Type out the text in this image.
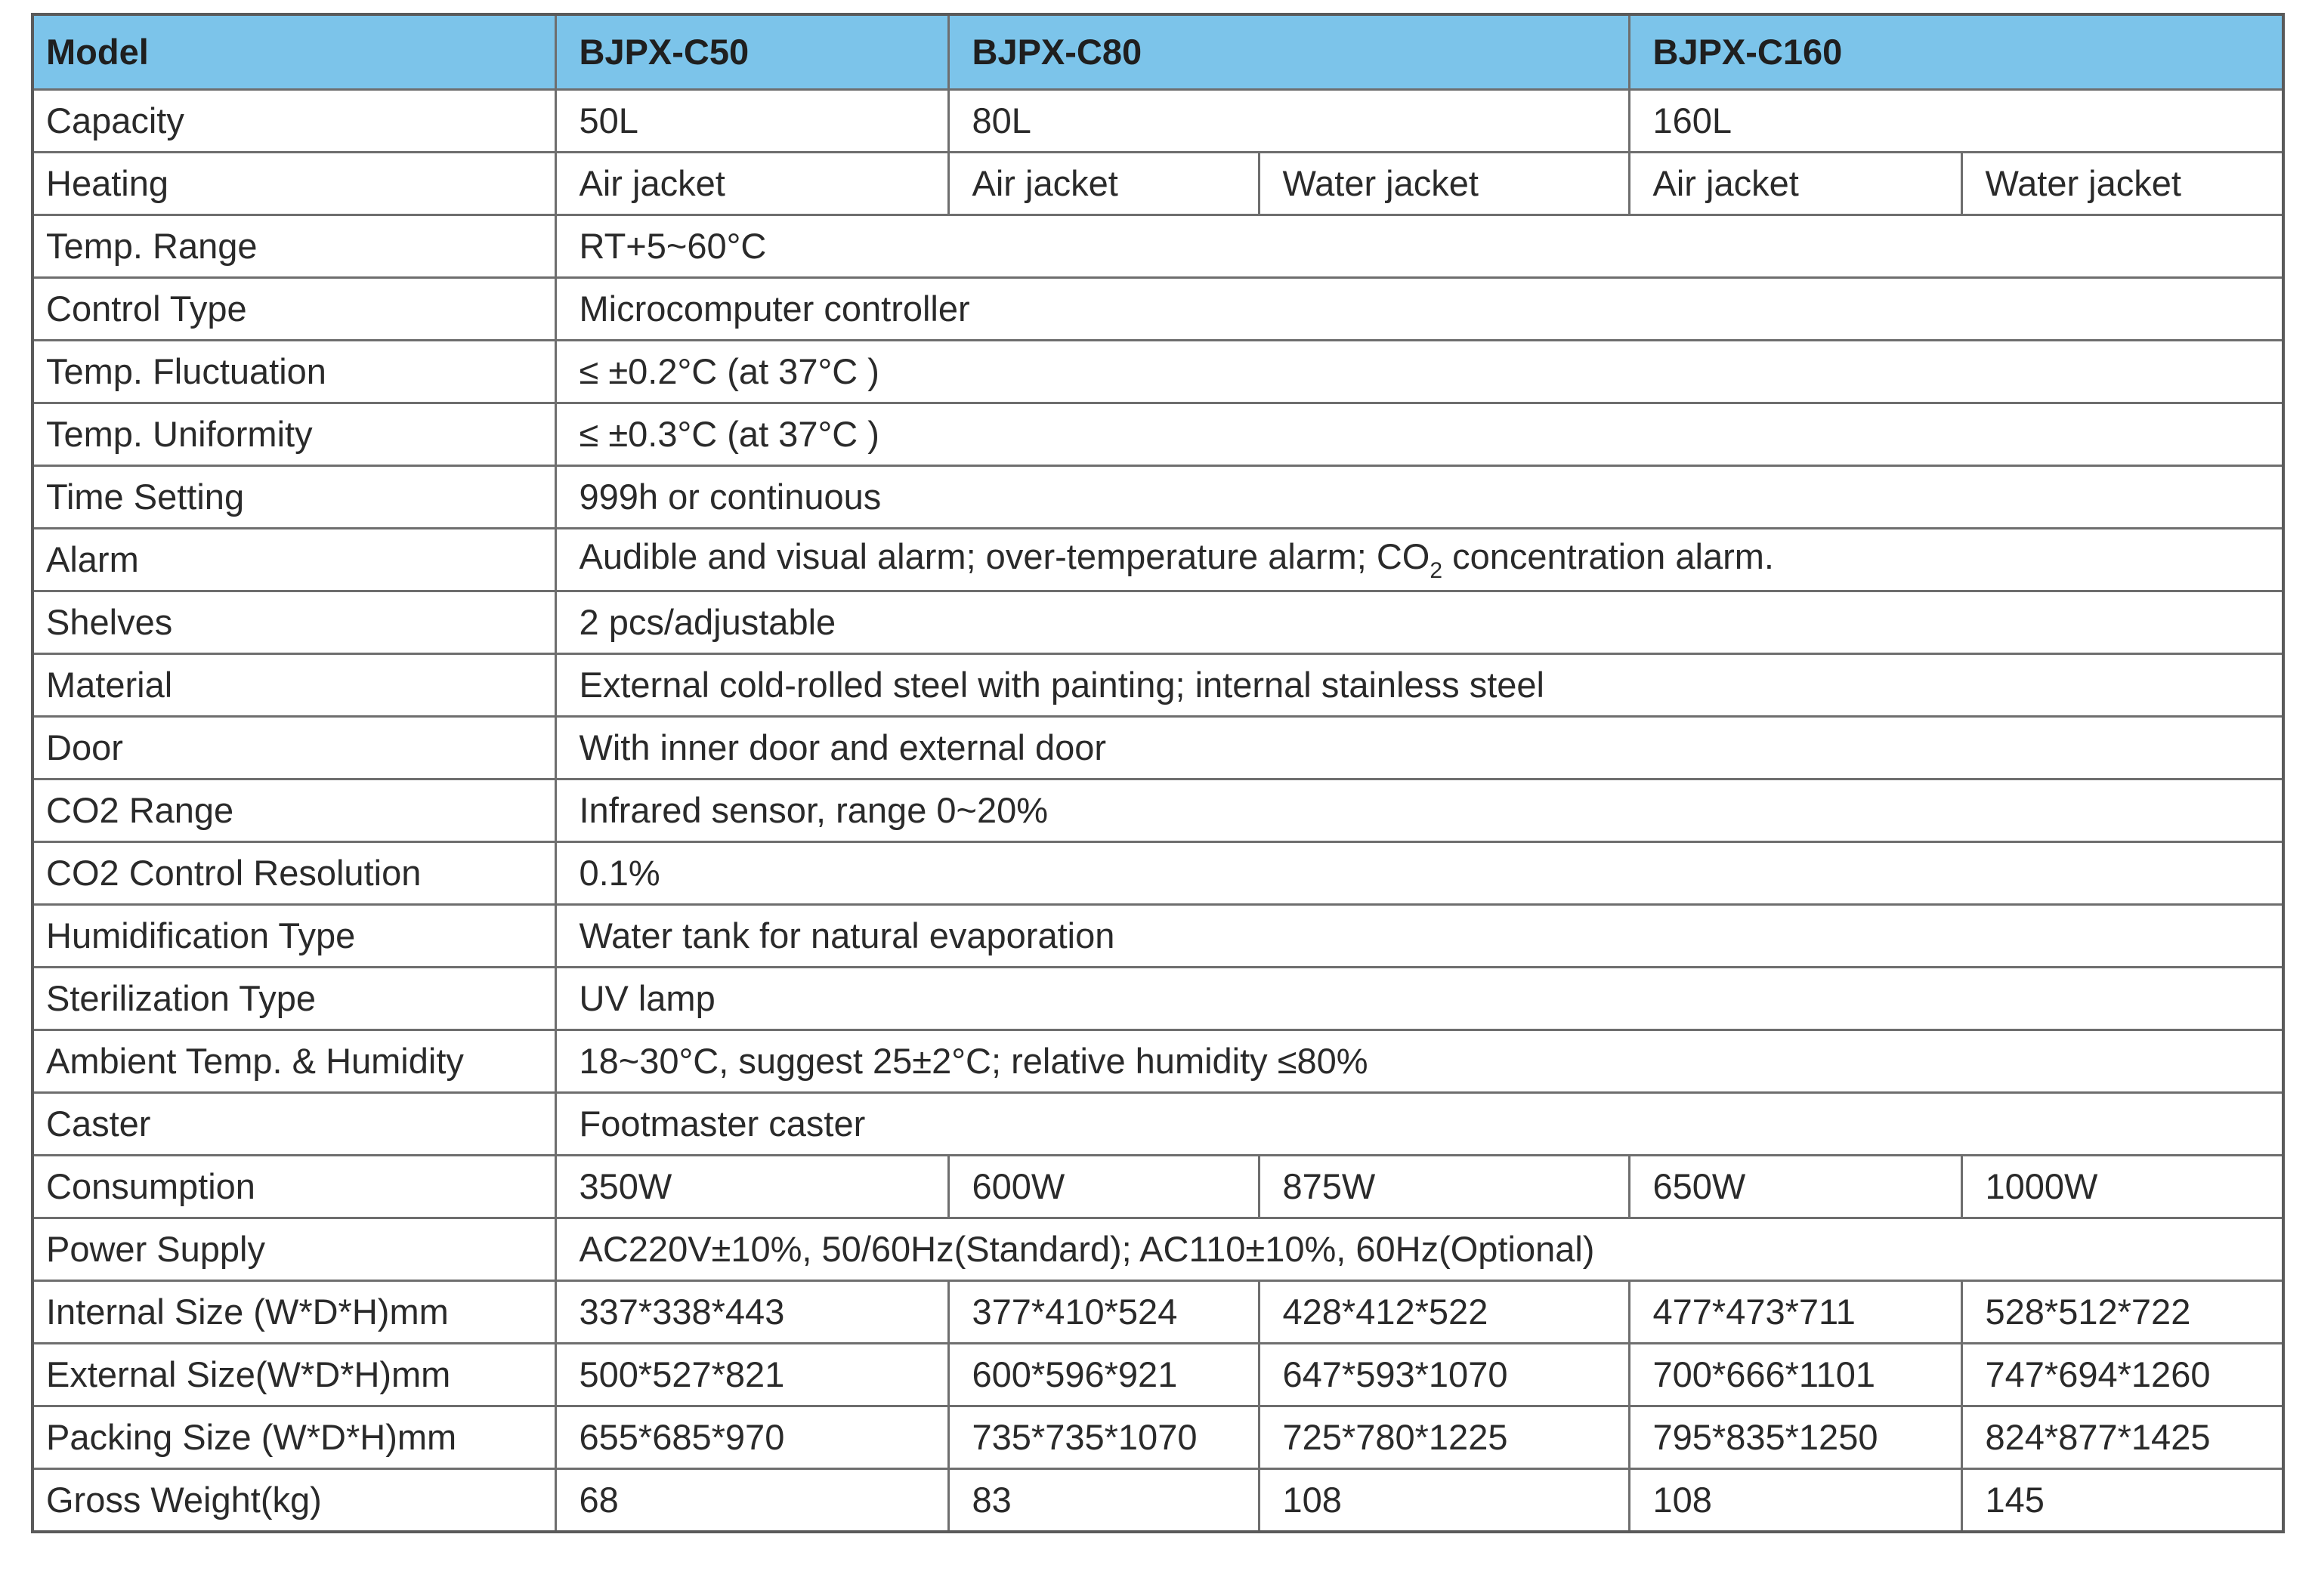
Model	BJPX-C50	BJPX-C80		BJPX-C160	
Capacity	50L	80L		160L	
Heating	Air jacket	Air jacket	Water jacket	Air jacket	Water jacket
Temp. Range	RT+5~60°C				
Control Type	Microcomputer controller				
Temp. Fluctuation	≤ ±0.2°C (at 37°C )				
Temp. Uniformity	≤ ±0.3°C (at 37°C )				
Time Setting	999h or continuous				
Alarm	Audible and visual alarm; over-temperature alarm; $CO_2$ concentration alarm.				
Shelves	2 pcs/adjustable				
Material	External cold-rolled steel with painting; internal stainless steel				
Door	With inner door and external door				
CO2 Range	Infrared sensor, range 0~20%				
CO2 Control Resolution	0.1%				
Humidification Type	Water tank for natural evaporation				
Sterilization Type	UV lamp				
Ambient Temp. & Humidity	18~30°C, suggest 25±2°C; relative humidity ≤80%				
Caster	Footmaster caster				
Consumption	350W	600W	875W	650W	1000W
Power Supply	AC220V±10%, 50/60Hz(Standard); AC110±10%, 60Hz(Optional)				
Internal Size (W*D*H)mm	337*338*443	377*410*524	428*412*522	477*473*711	528*512*722
External Size(W*D*H)mm	500*527*821	600*596*921	647*593*1070	700*666*1101	747*694*1260
Packing Size (W*D*H)mm	655*685*970	735*735*1070	725*780*1225	795*835*1250	824*877*1425
Gross Weight(kg)	68	83	108	108	145
